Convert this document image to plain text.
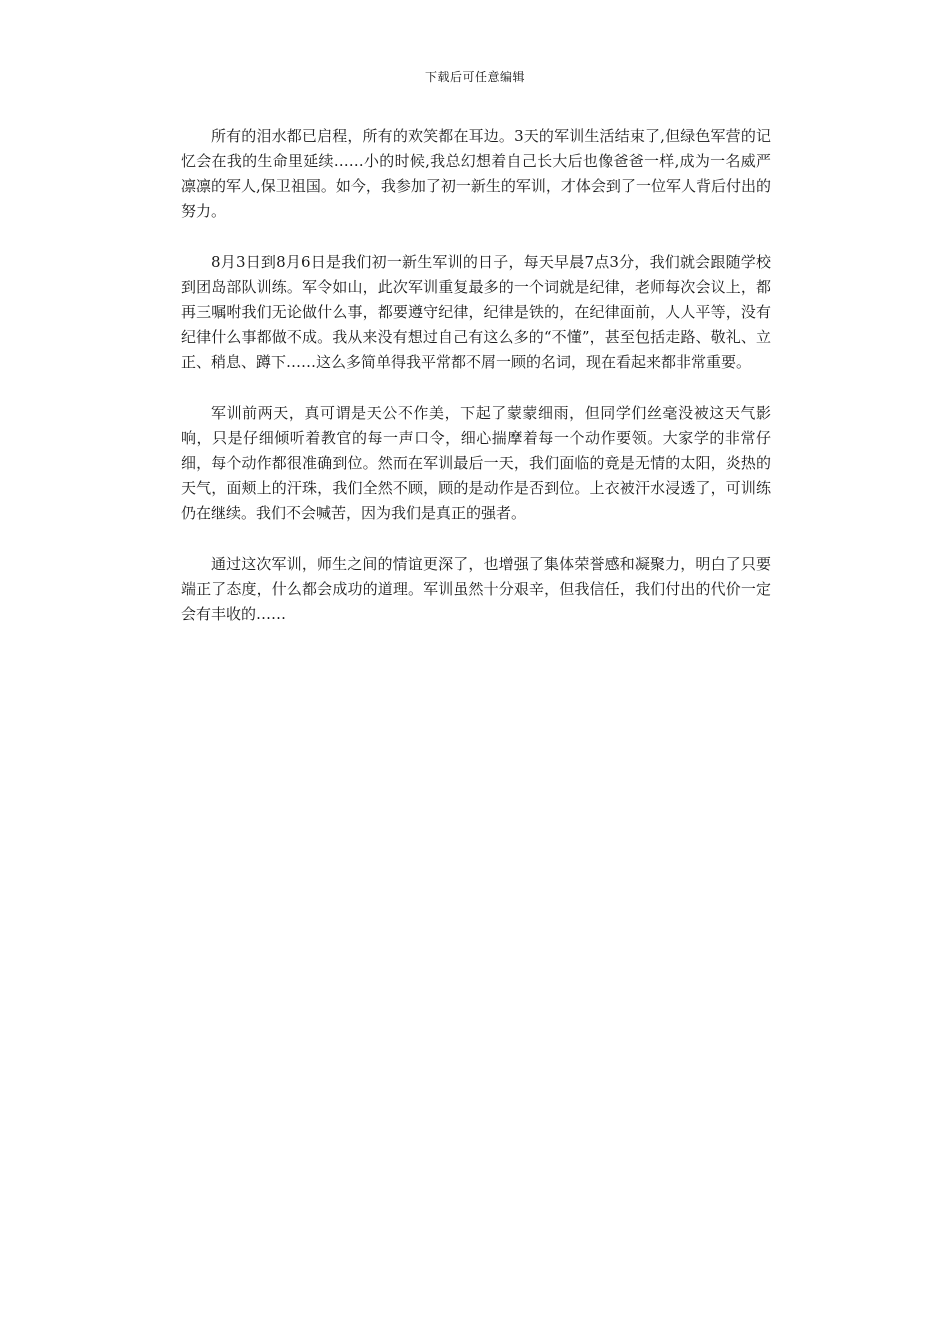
下载后可任意编辑

所有的泪水都已启程，所有的欢笑都在耳边。3天的军训生活结束了,但绿色军营的记忆会在我的生命里延续……小的时候,我总幻想着自己长大后也像爸爸一样,成为一名威严凛凛的军人,保卫祖国。如今，我参加了初一新生的军训，才体会到了一位军人背后付出的努力。

8月3日到8月6日是我们初一新生军训的日子，每天早晨7点3分，我们就会跟随学校到团岛部队训练。军令如山，此次军训重复最多的一个词就是纪律，老师每次会议上，都再三嘱咐我们无论做什么事，都要遵守纪律，纪律是铁的，在纪律面前，人人平等，没有纪律什么事都做不成。我从来没有想过自己有这么多的“不懂”，甚至包括走路、敬礼、立正、稍息、蹲下……这么多简单得我平常都不屑一顾的名词，现在看起来都非常重要。

军训前两天，真可谓是天公不作美，下起了蒙蒙细雨，但同学们丝毫没被这天气影响，只是仔细倾听着教官的每一声口令，细心揣摩着每一个动作要领。大家学的非常仔细，每个动作都很准确到位。然而在军训最后一天，我们面临的竟是无情的太阳，炎热的天气，面颊上的汗珠，我们全然不顾，顾的是动作是否到位。上衣被汗水浸透了，可训练仍在继续。我们不会喊苦，因为我们是真正的强者。

通过这次军训，师生之间的情谊更深了，也增强了集体荣誉感和凝聚力，明白了只要端正了态度，什么都会成功的道理。军训虽然十分艰辛，但我信任，我们付出的代价一定会有丰收的……
